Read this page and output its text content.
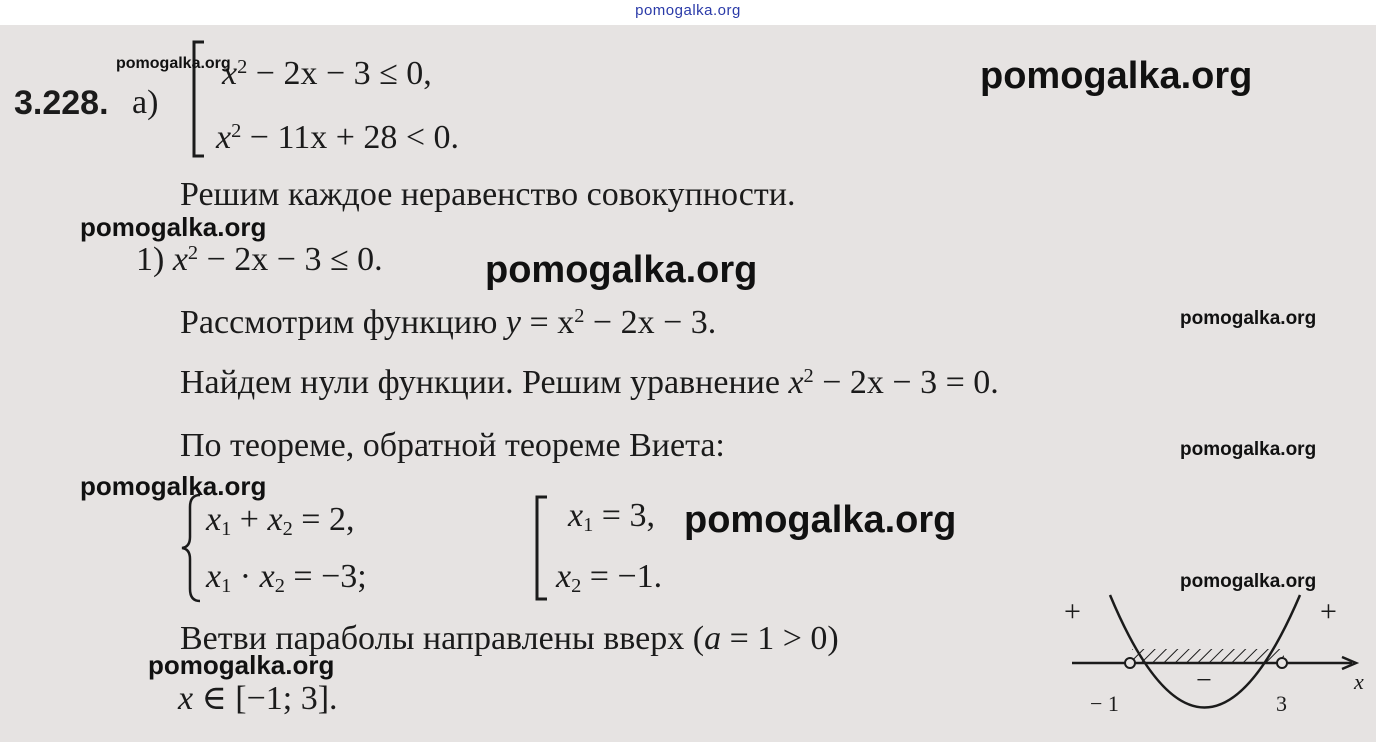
pomogalka.org
3.228. а)
$x^2 - 2x - 3 \le 0$,
$x^2 - 11x + 28 < 0$.
Решим каждое неравенство совокупности.
1) $x^2 - 2x - 3 \le 0$.
Рассмотрим функцию $y = x^2 - 2x - 3$.
Найдем нули функции. Решим уравнение $x^2 - 2x - 3 = 0$.
По теореме, обратной теореме Виета:
$x_1 + x_2 = 2$,
$x_1 \cdot x_2 = -3$;
$x_1 = 3$,
$x_2 = -1$.
Ветви параболы направлены вверх (a = 1 > 0)
x ∈ [−1; 3].
+	+
−	x
− 1	3
pomogalka.org
pomogalka.org
pomogalka.org
pomogalka.org
pomogalka.org
pomogalka.org
pomogalka.org
pomogalka.org
pomogalka.org
pomogalka.org
